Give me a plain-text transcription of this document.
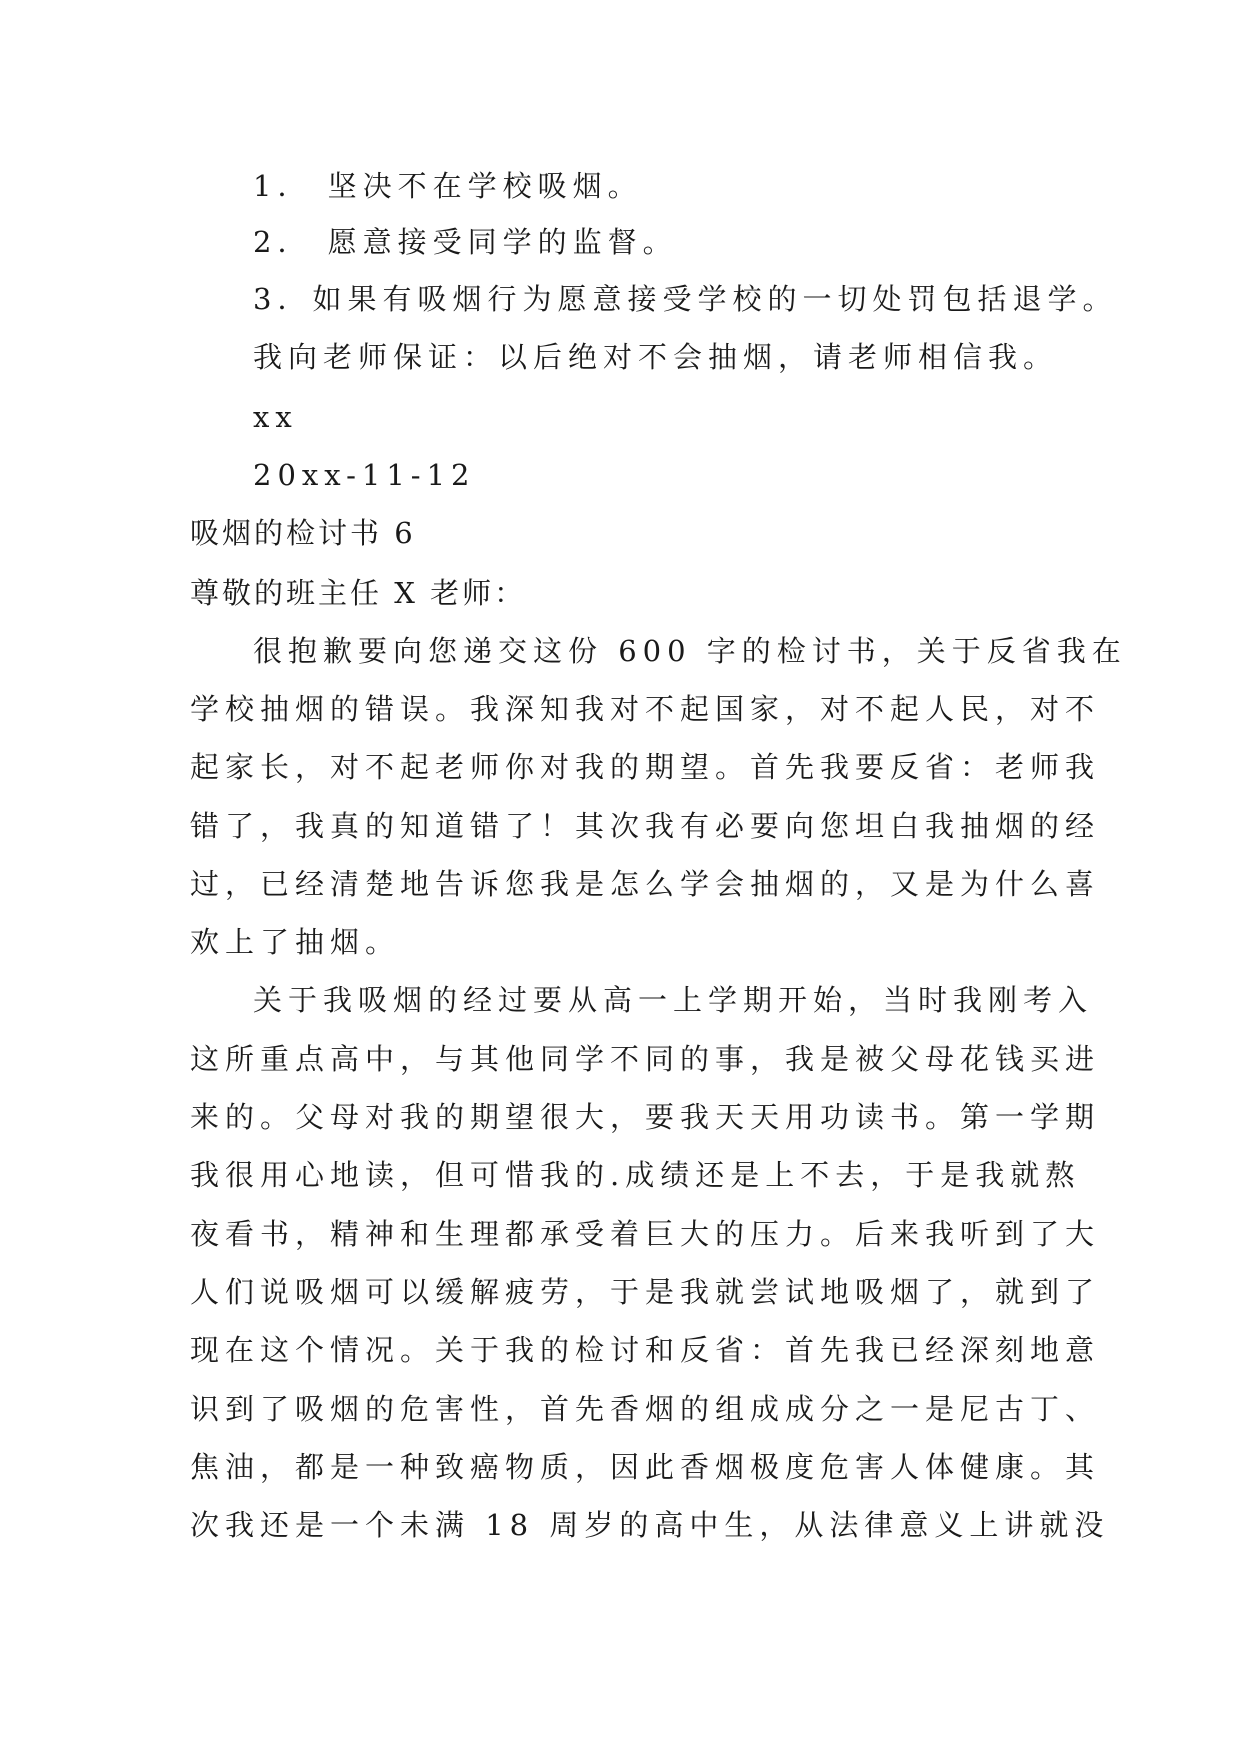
1． 坚决不在学校吸烟。
2． 愿意接受同学的监督。
3．如果有吸烟行为愿意接受学校的一切处罚包括退学。
我向老师保证：以后绝对不会抽烟，请老师相信我。
xx
20xx-11-12
吸烟的检讨书 6
尊敬的班主任 X 老师：
很抱歉要向您递交这份 600 字的检讨书，关于反省我在
学校抽烟的错误。我深知我对不起国家，对不起人民，对不
起家长，对不起老师你对我的期望。首先我要反省：老师我
错了，我真的知道错了！其次我有必要向您坦白我抽烟的经
过，已经清楚地告诉您我是怎么学会抽烟的，又是为什么喜
欢上了抽烟。
关于我吸烟的经过要从高一上学期开始，当时我刚考入
这所重点高中，与其他同学不同的事，我是被父母花钱买进
来的。父母对我的期望很大，要我天天用功读书。第一学期
我很用心地读，但可惜我的.成绩还是上不去，于是我就熬
夜看书，精神和生理都承受着巨大的压力。后来我听到了大
人们说吸烟可以缓解疲劳，于是我就尝试地吸烟了，就到了
现在这个情况。关于我的检讨和反省：首先我已经深刻地意
识到了吸烟的危害性，首先香烟的组成成分之一是尼古丁、
焦油，都是一种致癌物质，因此香烟极度危害人体健康。其
次我还是一个未满 18 周岁的高中生，从法律意义上讲就没
